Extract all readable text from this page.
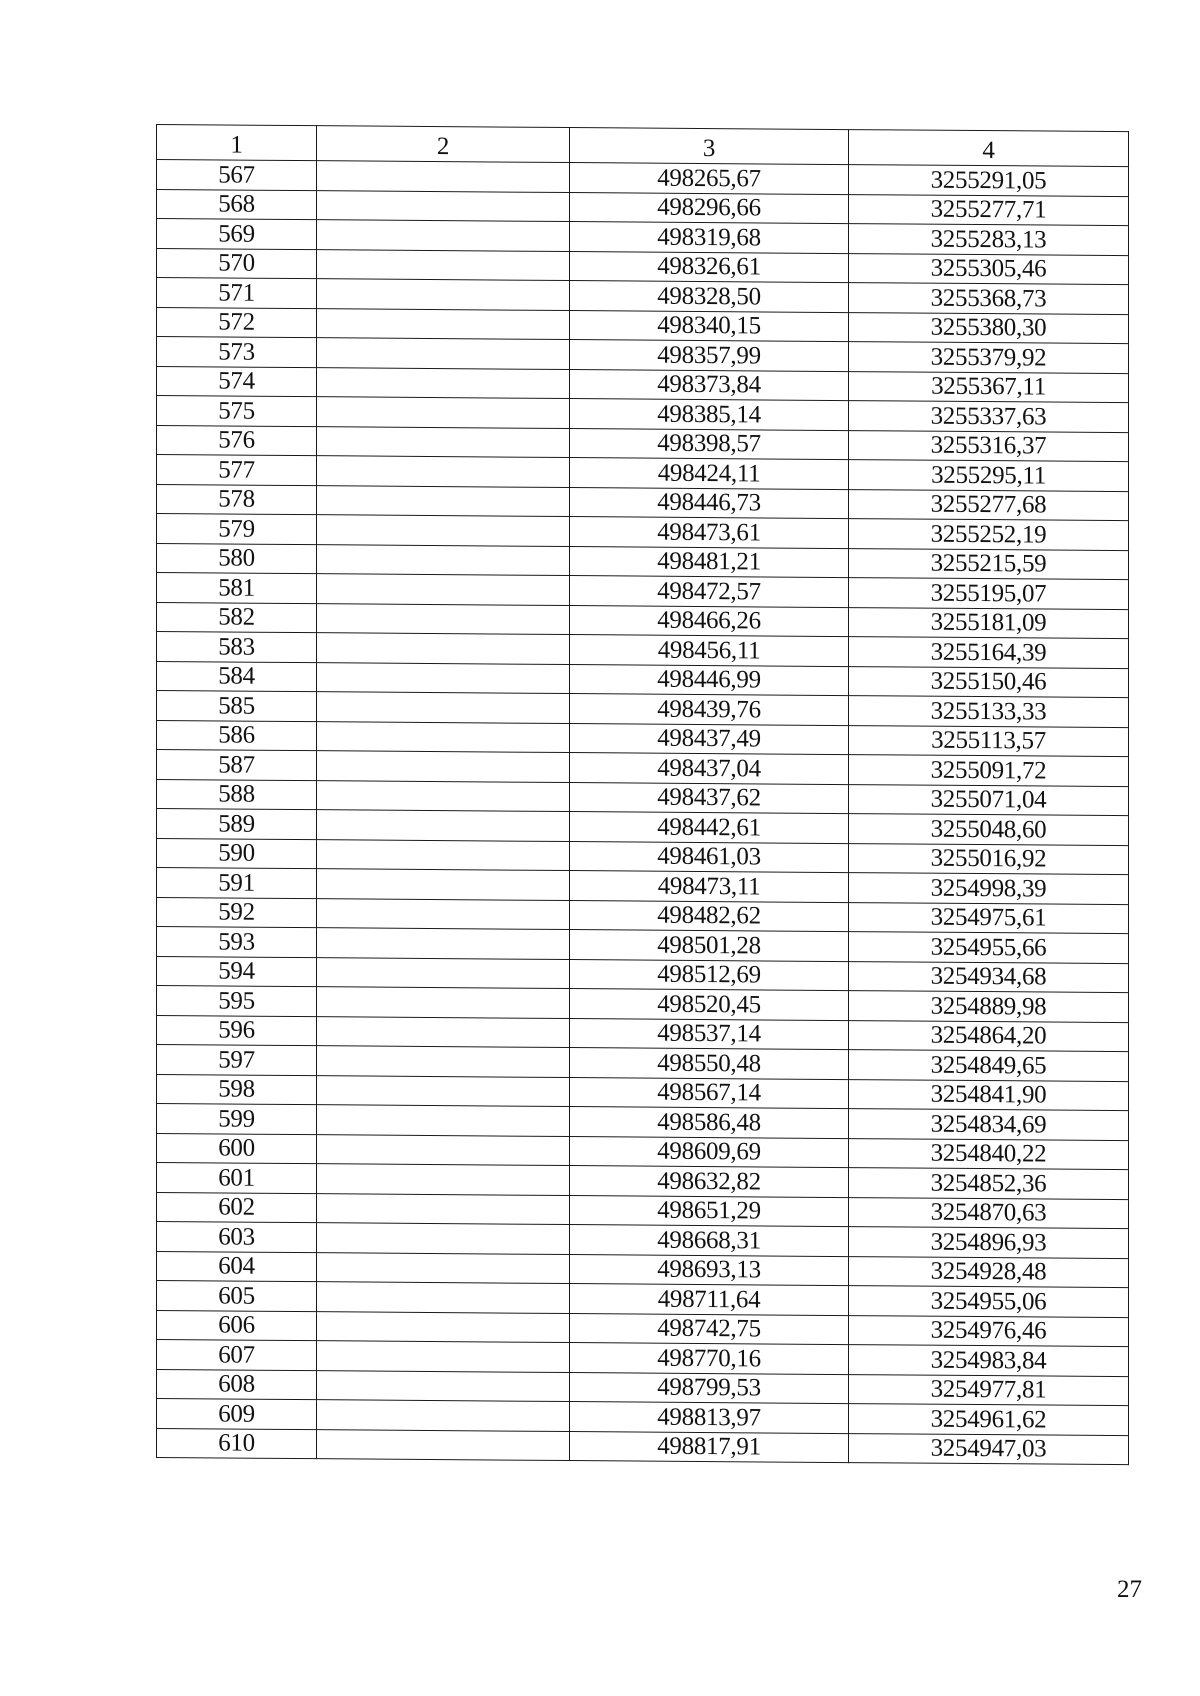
1	2	3	4
567		498265,67	3255291,05
568		498296,66	3255277,71
569		498319,68	3255283,13
570		498326,61	3255305,46
571		498328,50	3255368,73
572		498340,15	3255380,30
573		498357,99	3255379,92
574		498373,84	3255367,11
575		498385,14	3255337,63
576		498398,57	3255316,37
577		498424,11	3255295,11
578		498446,73	3255277,68
579		498473,61	3255252,19
580		498481,21	3255215,59
581		498472,57	3255195,07
582		498466,26	3255181,09
583		498456,11	3255164,39
584		498446,99	3255150,46
585		498439,76	3255133,33
586		498437,49	3255113,57
587		498437,04	3255091,72
588		498437,62	3255071,04
589		498442,61	3255048,60
590		498461,03	3255016,92
591		498473,11	3254998,39
592		498482,62	3254975,61
593		498501,28	3254955,66
594		498512,69	3254934,68
595		498520,45	3254889,98
596		498537,14	3254864,20
597		498550,48	3254849,65
598		498567,14	3254841,90
599		498586,48	3254834,69
600		498609,69	3254840,22
601		498632,82	3254852,36
602		498651,29	3254870,63
603		498668,31	3254896,93
604		498693,13	3254928,48
605		498711,64	3254955,06
606		498742,75	3254976,46
607		498770,16	3254983,84
608		498799,53	3254977,81
609		498813,97	3254961,62
610		498817,91	3254947,03
27
